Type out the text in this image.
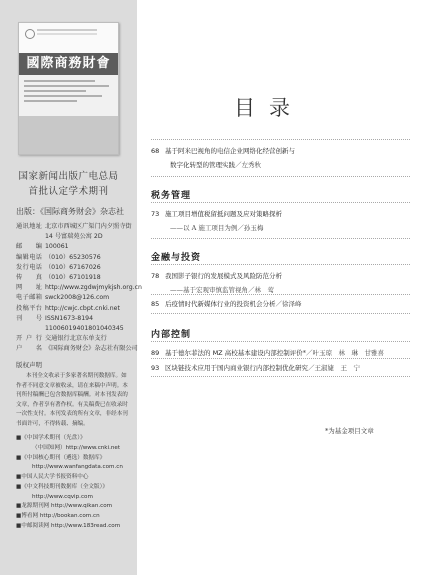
國際商務財會
国家新闻出版广电总局
首批认定学术期刊
出版：《国际商务财会》杂志社
通讯地址 北京市西城区广渠门内夕照寺街
14 号富瑞苑公寓 2D
邮　编 100061
编辑电话 （010）65230576
发行电话 （010）67167026
传　真 （010）67101918
网　址 http://www.zgdwjmykjsh.org.cn
电子邮箱 swck2008@126.com
投稿平台 http://cwjc.cbpt.cnki.net
刊　号 ISSN1673-8194
11006019401801040345
开户行 交通银行北京东单支行
户　名 《国际商务财会》杂志社有限公司
版权声明
本刊全文收录于多家著名期刊数据库。如作者不同意文章被收录，请在来稿中声明。本刊所付稿酬已包含数据库稿酬。对本刊发表的文章，作者享有著作权。有关稿费已在收录时一次性支付。本刊发表的所有文章，非经本刊书面许可，不得转载、摘编。
■《中国学术期刊（光盘）》
（中国知网）http://www.cnki.net
■《中国核心期刊（遴选）数据库》
http://www.wanfangdata.com.cn
■中国人民大学书报资料中心
■《中文科技期刊数据库（全文版）》
http://www.cqvip.com
■龙源期刊网 http://www.qikan.com
■博看网 http://bookan.com.cn
■中邮阅读网 http://www.183read.com
目录
68 基于阿米巴视角的电信企业网络化经营创新与
数字化转型的管理实践／左秀秋
税务管理
73 施工项目增值税留抵问题及应对策略探析
——以 A 施工项目为例／孙玉梅
金融与投资
78 我国影子银行的发展模式及风险防范分析
——基于宏观审慎监管视角／林　莺
85 后疫情时代新媒体行业的投资机会分析／徐泽峰
内部控制
89 基于德尔菲法的 MZ 高校基本建设内部控制评价*／叶玉琼　林　琳　甘雅喜
93 区块链技术应用于国内商业银行内部控制优化研究／王淑婕　王　宁
*为基金项目文章
